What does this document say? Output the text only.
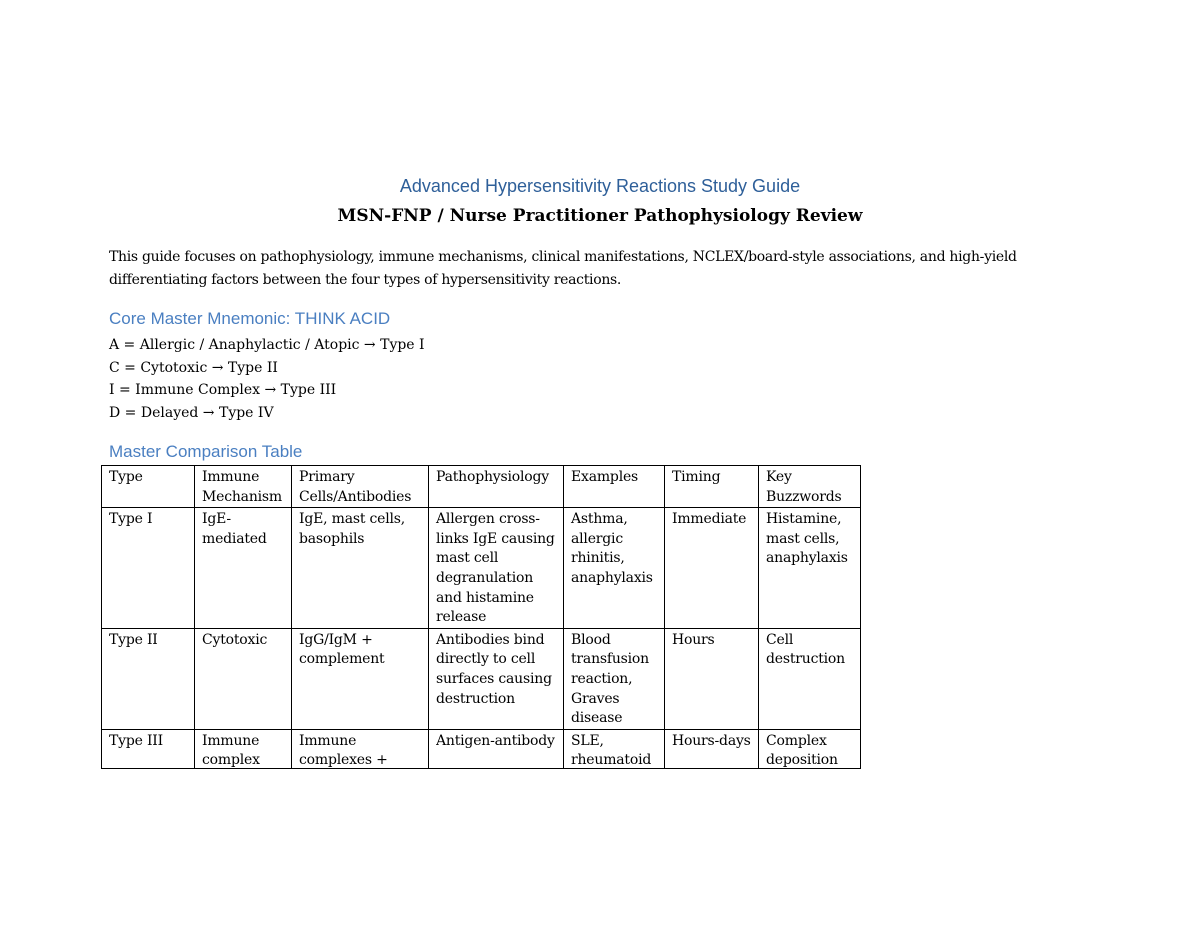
Advanced Hypersensitivity Reactions Study Guide
MSN-FNP / Nurse Practitioner Pathophysiology Review

This guide focuses on pathophysiology, immune mechanisms, clinical manifestations, NCLEX/board-style associations, and high-yield differentiating factors between the four types of hypersensitivity reactions.

Core Master Mnemonic: THINK ACID
A = Allergic / Anaphylactic / Atopic → Type I
C = Cytotoxic → Type II
I = Immune Complex → Type III
D = Delayed → Type IV
Master Comparison Table
Type	Immune Mechanism	Primary Cells/Antibodies	Pathophysiology	Examples	Timing	Key Buzzwords
Type I	IgE-mediated	IgE, mast cells, basophils	Allergen cross-links IgE causing mast cell degranulation and histamine release	Asthma, allergic rhinitis, anaphylaxis	Immediate	Histamine, mast cells, anaphylaxis
Type II	Cytotoxic	IgG/IgM + complement	Antibodies bind directly to cell surfaces causing destruction	Blood transfusion reaction, Graves disease	Hours	Cell destruction

Type III	Immune complex	Immune complexes +	Antigen-antibody	SLE, rheumatoid	Hours-days	Complex deposition
